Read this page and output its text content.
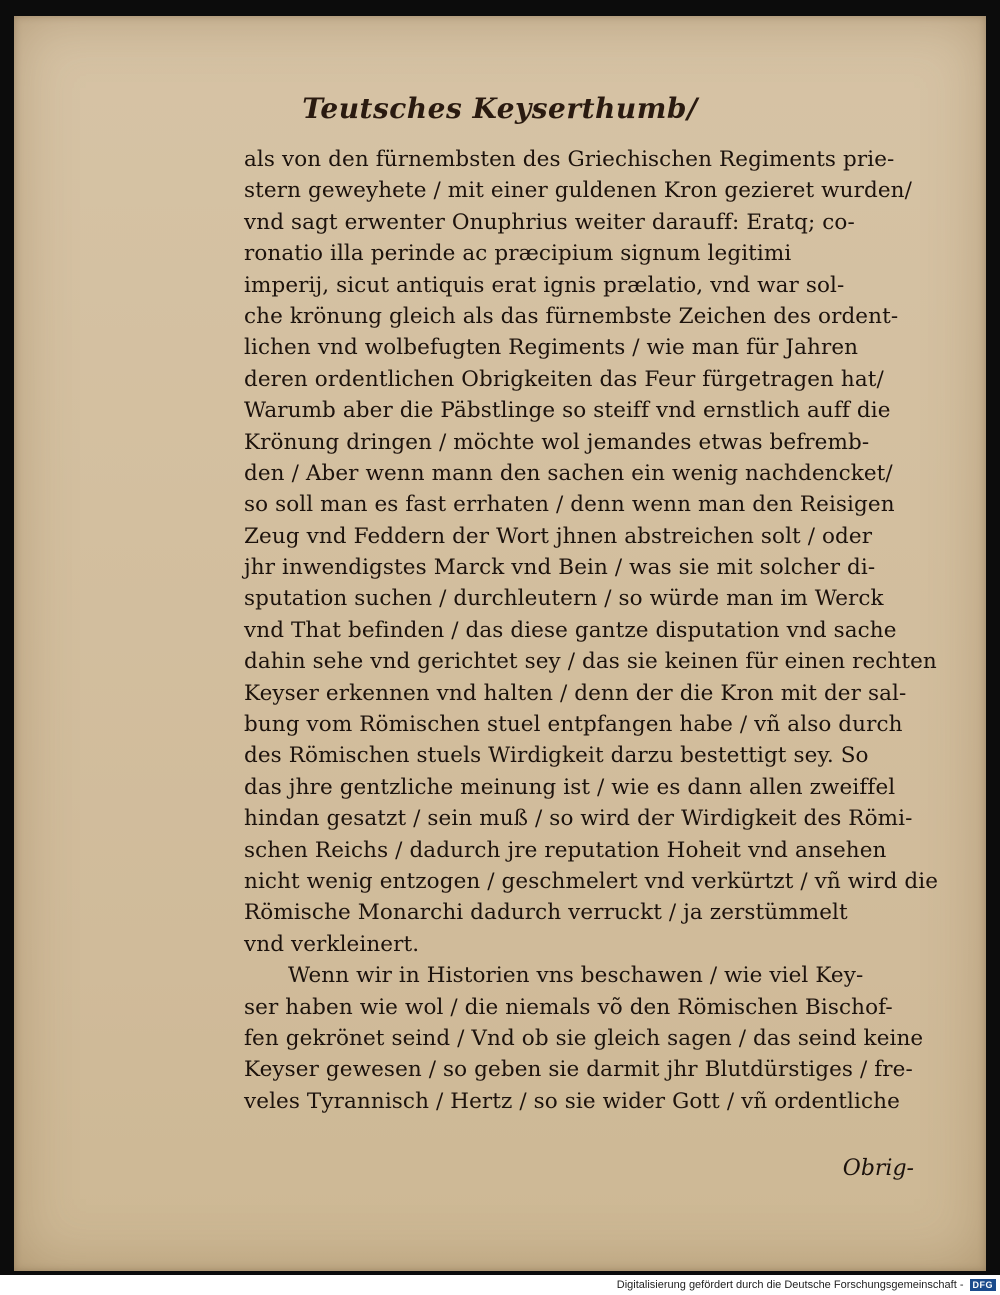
Teutsches Keyserthumb/
als von den fürnembsten des Griechischen Regiments prie-
stern geweyhete / mit einer guldenen Kron gezieret wurden/
vnd sagt erwenter Onuphrius weiter darauff: Eratq; co-
ronatio illa perinde ac præcipium signum legitimi
imperij, sicut antiquis erat ignis prælatio, vnd war sol-
che krönung gleich als das fürnembste Zeichen des ordent-
lichen vnd wolbefugten Regiments / wie man für Jahren
deren ordentlichen Obrigkeiten das Feur fürgetragen hat/
Warumb aber die Päbstlinge so steiff vnd ernstlich auff die
Krönung dringen / möchte wol jemandes etwas befremb-
den / Aber wenn mann den sachen ein wenig nachdencket/
so soll man es fast errhaten / denn wenn man den Reisigen
Zeug vnd Feddern der Wort jhnen abstreichen solt / oder
jhr inwendigstes Marck vnd Bein / was sie mit solcher di-
sputation suchen / durchleutern / so würde man im Werck
vnd That befinden / das diese gantze disputation vnd sache
dahin sehe vnd gerichtet sey / das sie keinen für einen rechten
Keyser erkennen vnd halten / denn der die Kron mit der sal-
bung vom Römischen stuel entpfangen habe / vñ also durch
des Römischen stuels Wirdigkeit darzu bestettigt sey. So
das jhre gentzliche meinung ist / wie es dann allen zweiffel
hindan gesatzt / sein muß / so wird der Wirdigkeit des Römi-
schen Reichs / dadurch jre reputation Hoheit vnd ansehen
nicht wenig entzogen / geschmelert vnd verkürtzt / vñ wird die
Römische Monarchi dadurch verruckt / ja zerstümmelt
vnd verkleinert.
Wenn wir in Historien vns beschawen / wie viel Key-
ser haben wie wol / die niemals võ den Römischen Bischof-
fen gekrönet seind / Vnd ob sie gleich sagen / das seind keine
Keyser gewesen / so geben sie darmit jhr Blutdürstiges / fre-
veles Tyrannisch / Hertz / so sie wider Gott / vñ ordentliche
Obrig-
Digitalisierung gefördert durch die Deutsche Forschungsgemeinschaft -	DFG
